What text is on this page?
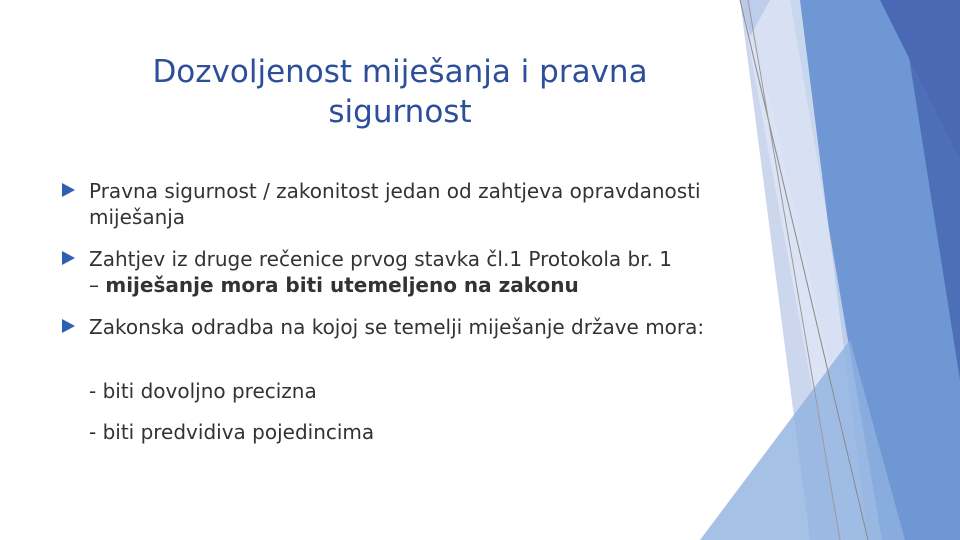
Dozvoljenost miješanja i pravna sigurnost
Pravna sigurnost / zakonitost jedan od zahtjeva opravdanosti miješanja
Zahtjev iz druge rečenice prvog stavka čl.1 Protokola br. 1
– miješanje mora biti utemeljeno na zakonu
Zakonska odradba na kojoj se temelji miješanje države mora:
- biti dovoljno precizna
- biti predvidiva pojedincima
